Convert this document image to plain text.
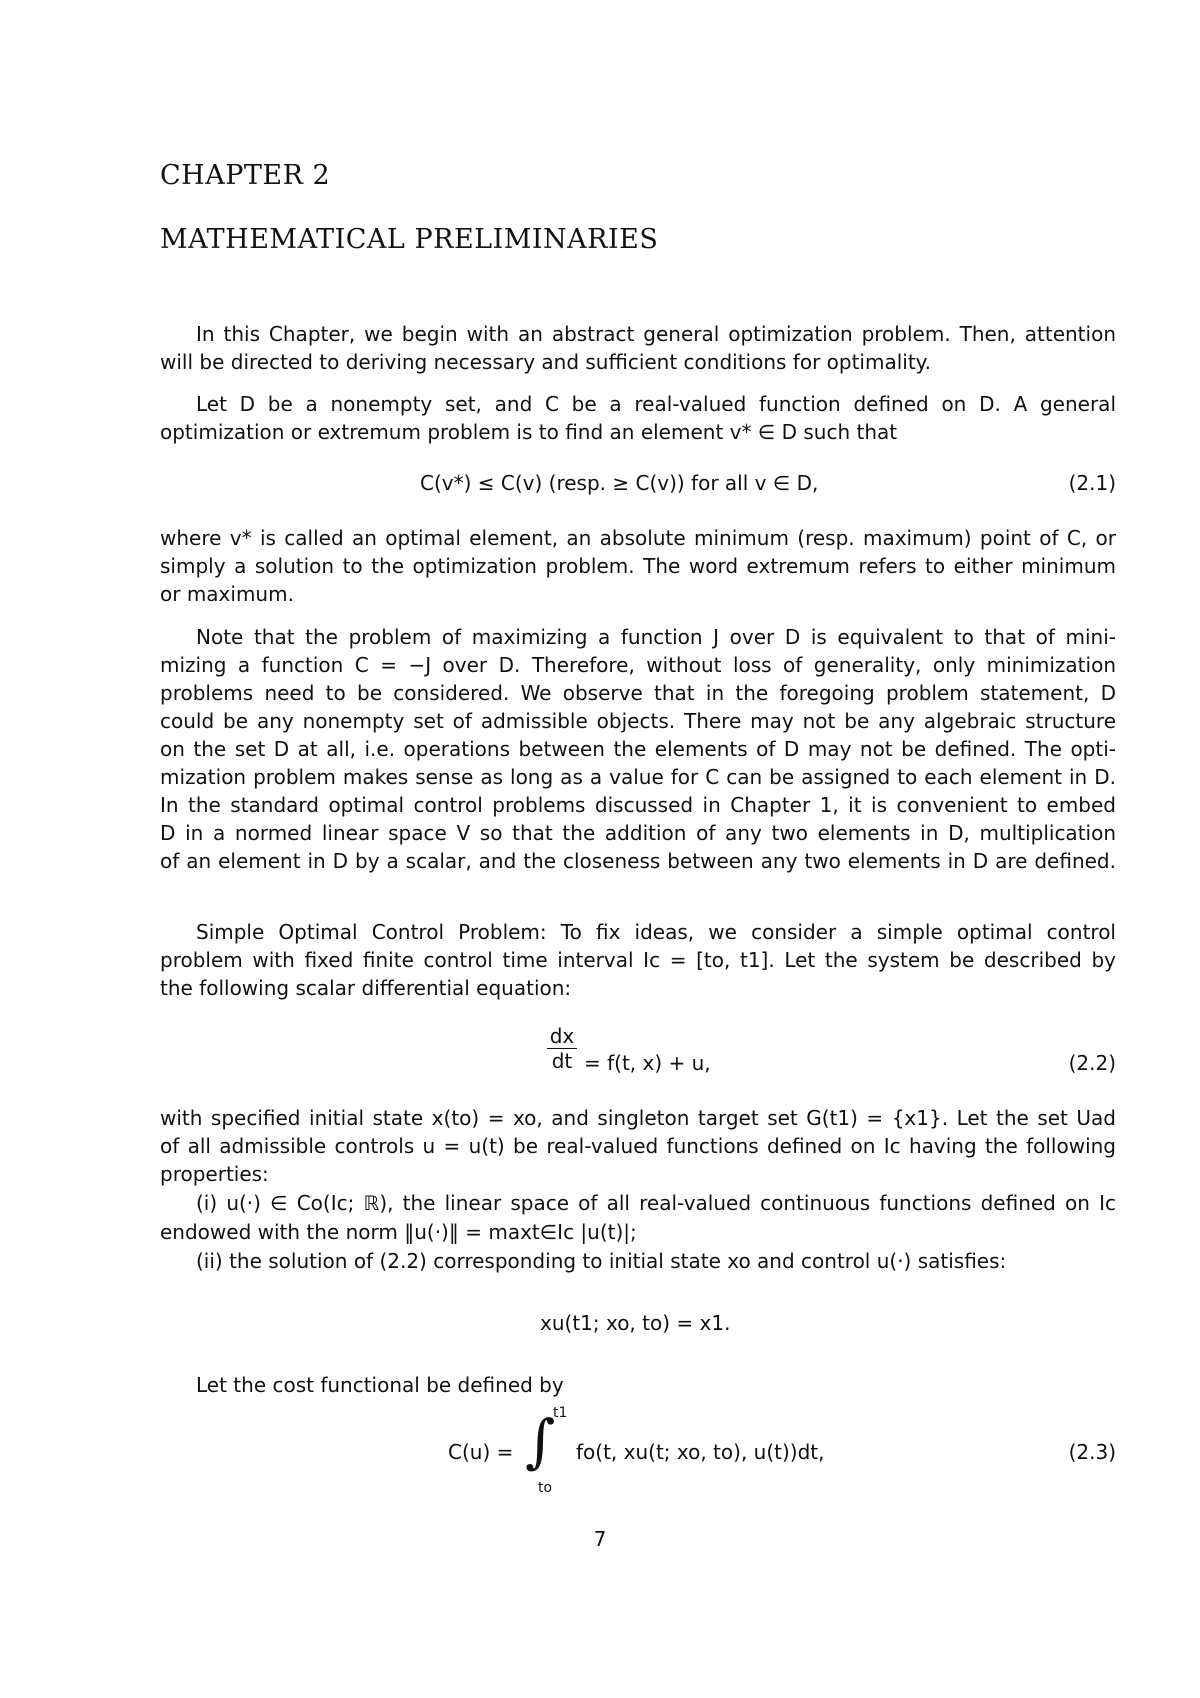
CHAPTER 2
MATHEMATICAL PRELIMINARIES
In this Chapter, we begin with an abstract general optimization problem. Then, attention
will be directed to deriving necessary and sufficient conditions for optimality.
Let D be a nonempty set, and C be a real-valued function defined on D. A general
optimization or extremum problem is to find an element v* ∈ D such that
C(v*) ≤ C(v) (resp. ≥ C(v)) for all v ∈ D,	(2.1)
where v* is called an optimal element, an absolute minimum (resp. maximum) point of C, or
simply a solution to the optimization problem. The word extremum refers to either minimum
or maximum.
Note that the problem of maximizing a function J over D is equivalent to that of mini-
mizing a function C = −J over D. Therefore, without loss of generality, only minimization
problems need to be considered. We observe that in the foregoing problem statement, D
could be any nonempty set of admissible objects. There may not be any algebraic structure
on the set D at all, i.e. operations between the elements of D may not be defined. The opti-
mization problem makes sense as long as a value for C can be assigned to each element in D.
In the standard optimal control problems discussed in Chapter 1, it is convenient to embed
D in a normed linear space V so that the addition of any two elements in D, multiplication
of an element in D by a scalar, and the closeness between any two elements in D are defined.
Simple Optimal Control Problem: To fix ideas, we consider a simple optimal control
problem with fixed finite control time interval Ic = [to, t1]. Let the system be described by
the following scalar differential equation:
dx
dt = f(t, x) + u,	(2.2)
with specified initial state x(to) = xo, and singleton target set G(t1) = {x1}. Let the set Uad
of all admissible controls u = u(t) be real-valued functions defined on Ic having the following
properties:
(i) u(·) ∈ Co(Ic; ℝ), the linear space of all real-valued continuous functions defined on Ic
endowed with the norm ‖u(·)‖ = maxt∈Ic |u(t)|;
(ii) the solution of (2.2) corresponding to initial state xo and control u(·) satisfies:
xu(t1; xo, to) = x1.
Let the cost functional be defined by
C(u) = ∫
t1
to
fo(t, xu(t; xo, to), u(t))dt,	(2.3)
7
